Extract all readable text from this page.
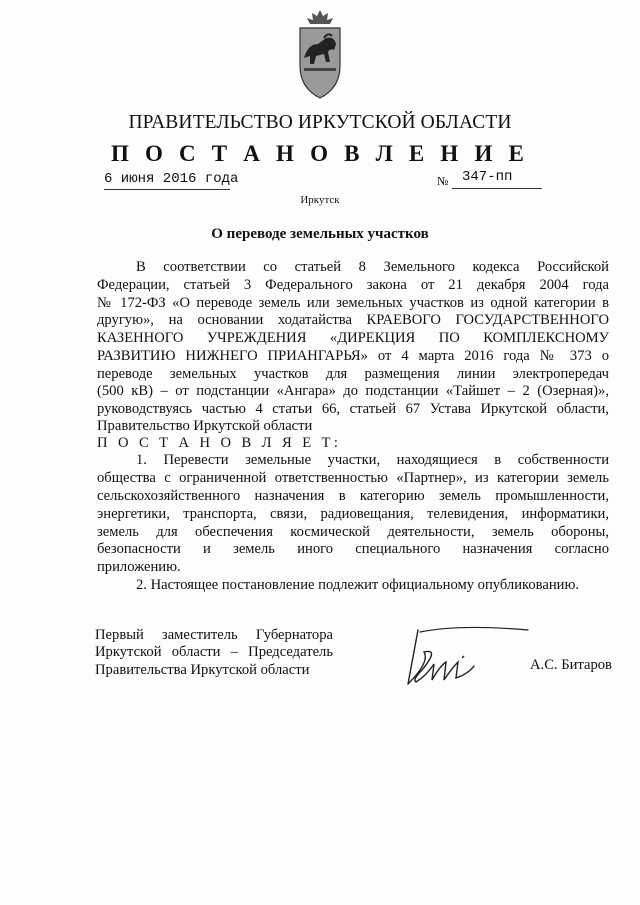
ПРАВИТЕЛЬСТВО ИРКУТСКОЙ ОБЛАСТИ
П О С Т А Н О В Л Е Н И Е
6 июня 2016 года	№ 347-пп
Иркутск
О переводе земельных участков
В соответствии со статьей 8 Земельного кодекса Российской
Федерации, статьей 3 Федерального закона от 21 декабря 2004 года
№ 172-ФЗ «О переводе земель или земельных участков из одной категории в
другую», на основании ходатайства КРАЕВОГО ГОСУДАРСТВЕННОГО
КАЗЕННОГО УЧРЕЖДЕНИЯ «ДИРЕКЦИЯ ПО КОМПЛЕКСНОМУ
РАЗВИТИЮ НИЖНЕГО ПРИАНГАРЬЯ» от 4 марта 2016 года № 373 о
переводе земельных участков для размещения линии электропередач
(500 кВ) – от подстанции «Ангара» до подстанции «Тайшет – 2 (Озерная)»,
руководствуясь частью 4 статьи 66, статьей 67 Устава Иркутской области,
Правительство Иркутской области
П О С Т А Н О В Л Я Е Т:
1. Перевести земельные участки, находящиеся в собственности
общества с ограниченной ответственностью «Партнер», из категории земель
сельскохозяйственного назначения в категорию земель промышленности,
энергетики, транспорта, связи, радиовещания, телевидения, информатики,
земель для обеспечения космической деятельности, земель обороны,
безопасности и земель иного специального назначения согласно
приложению.
2. Настоящее постановление подлежит официальному опубликованию.
Первый заместитель Губернатора
Иркутской области – Председатель
Правительства Иркутской области	А.С. Битаров
